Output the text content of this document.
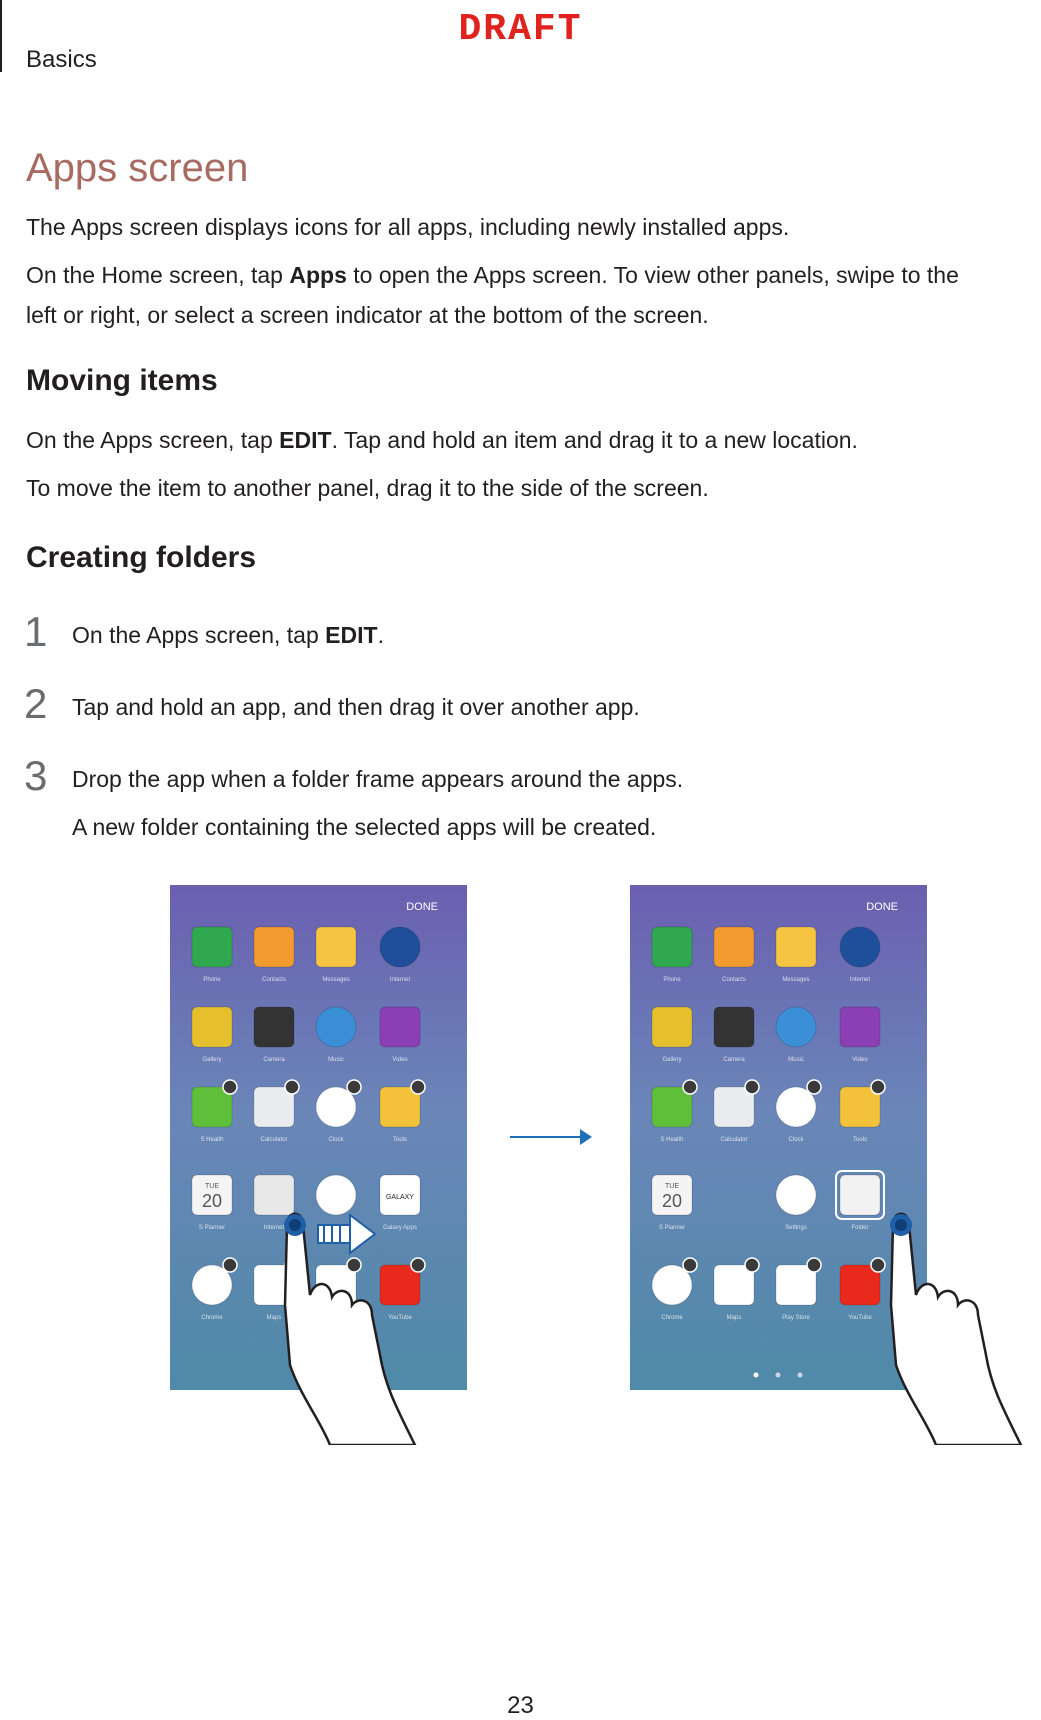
Basics
DRAFT
Apps screen
The Apps screen displays icons for all apps, including newly installed apps.
On the Home screen, tap Apps to open the Apps screen. To view other panels, swipe to the
left or right, or select a screen indicator at the bottom of the screen.
Moving items
On the Apps screen, tap EDIT. Tap and hold an item and drag it to a new location.
To move the item to another panel, drag it to the side of the screen.
Creating folders
1 On the Apps screen, tap EDIT.
2 Tap and hold an app, and then drag it over another app.
3 Drop the app when a folder frame appears around the apps.
A new folder containing the selected apps will be created.
DONE
Phone	Contacts	Messages	Internet
Gallery	Camera	Music	Video
S Health	Calculator	Clock	Tools
TUE
20
S Planner	Internet
GALAXY
Galaxy Apps
Chrome	Maps	YouTube
DONE
Phone	Contacts	Messages	Internet
Gallery	Camera	Music	Video
S Health	Calculator	Clock	Tools
TUE
20
S Planner	Settings	Folder
Chrome	Maps	Play Store	YouTube
23
